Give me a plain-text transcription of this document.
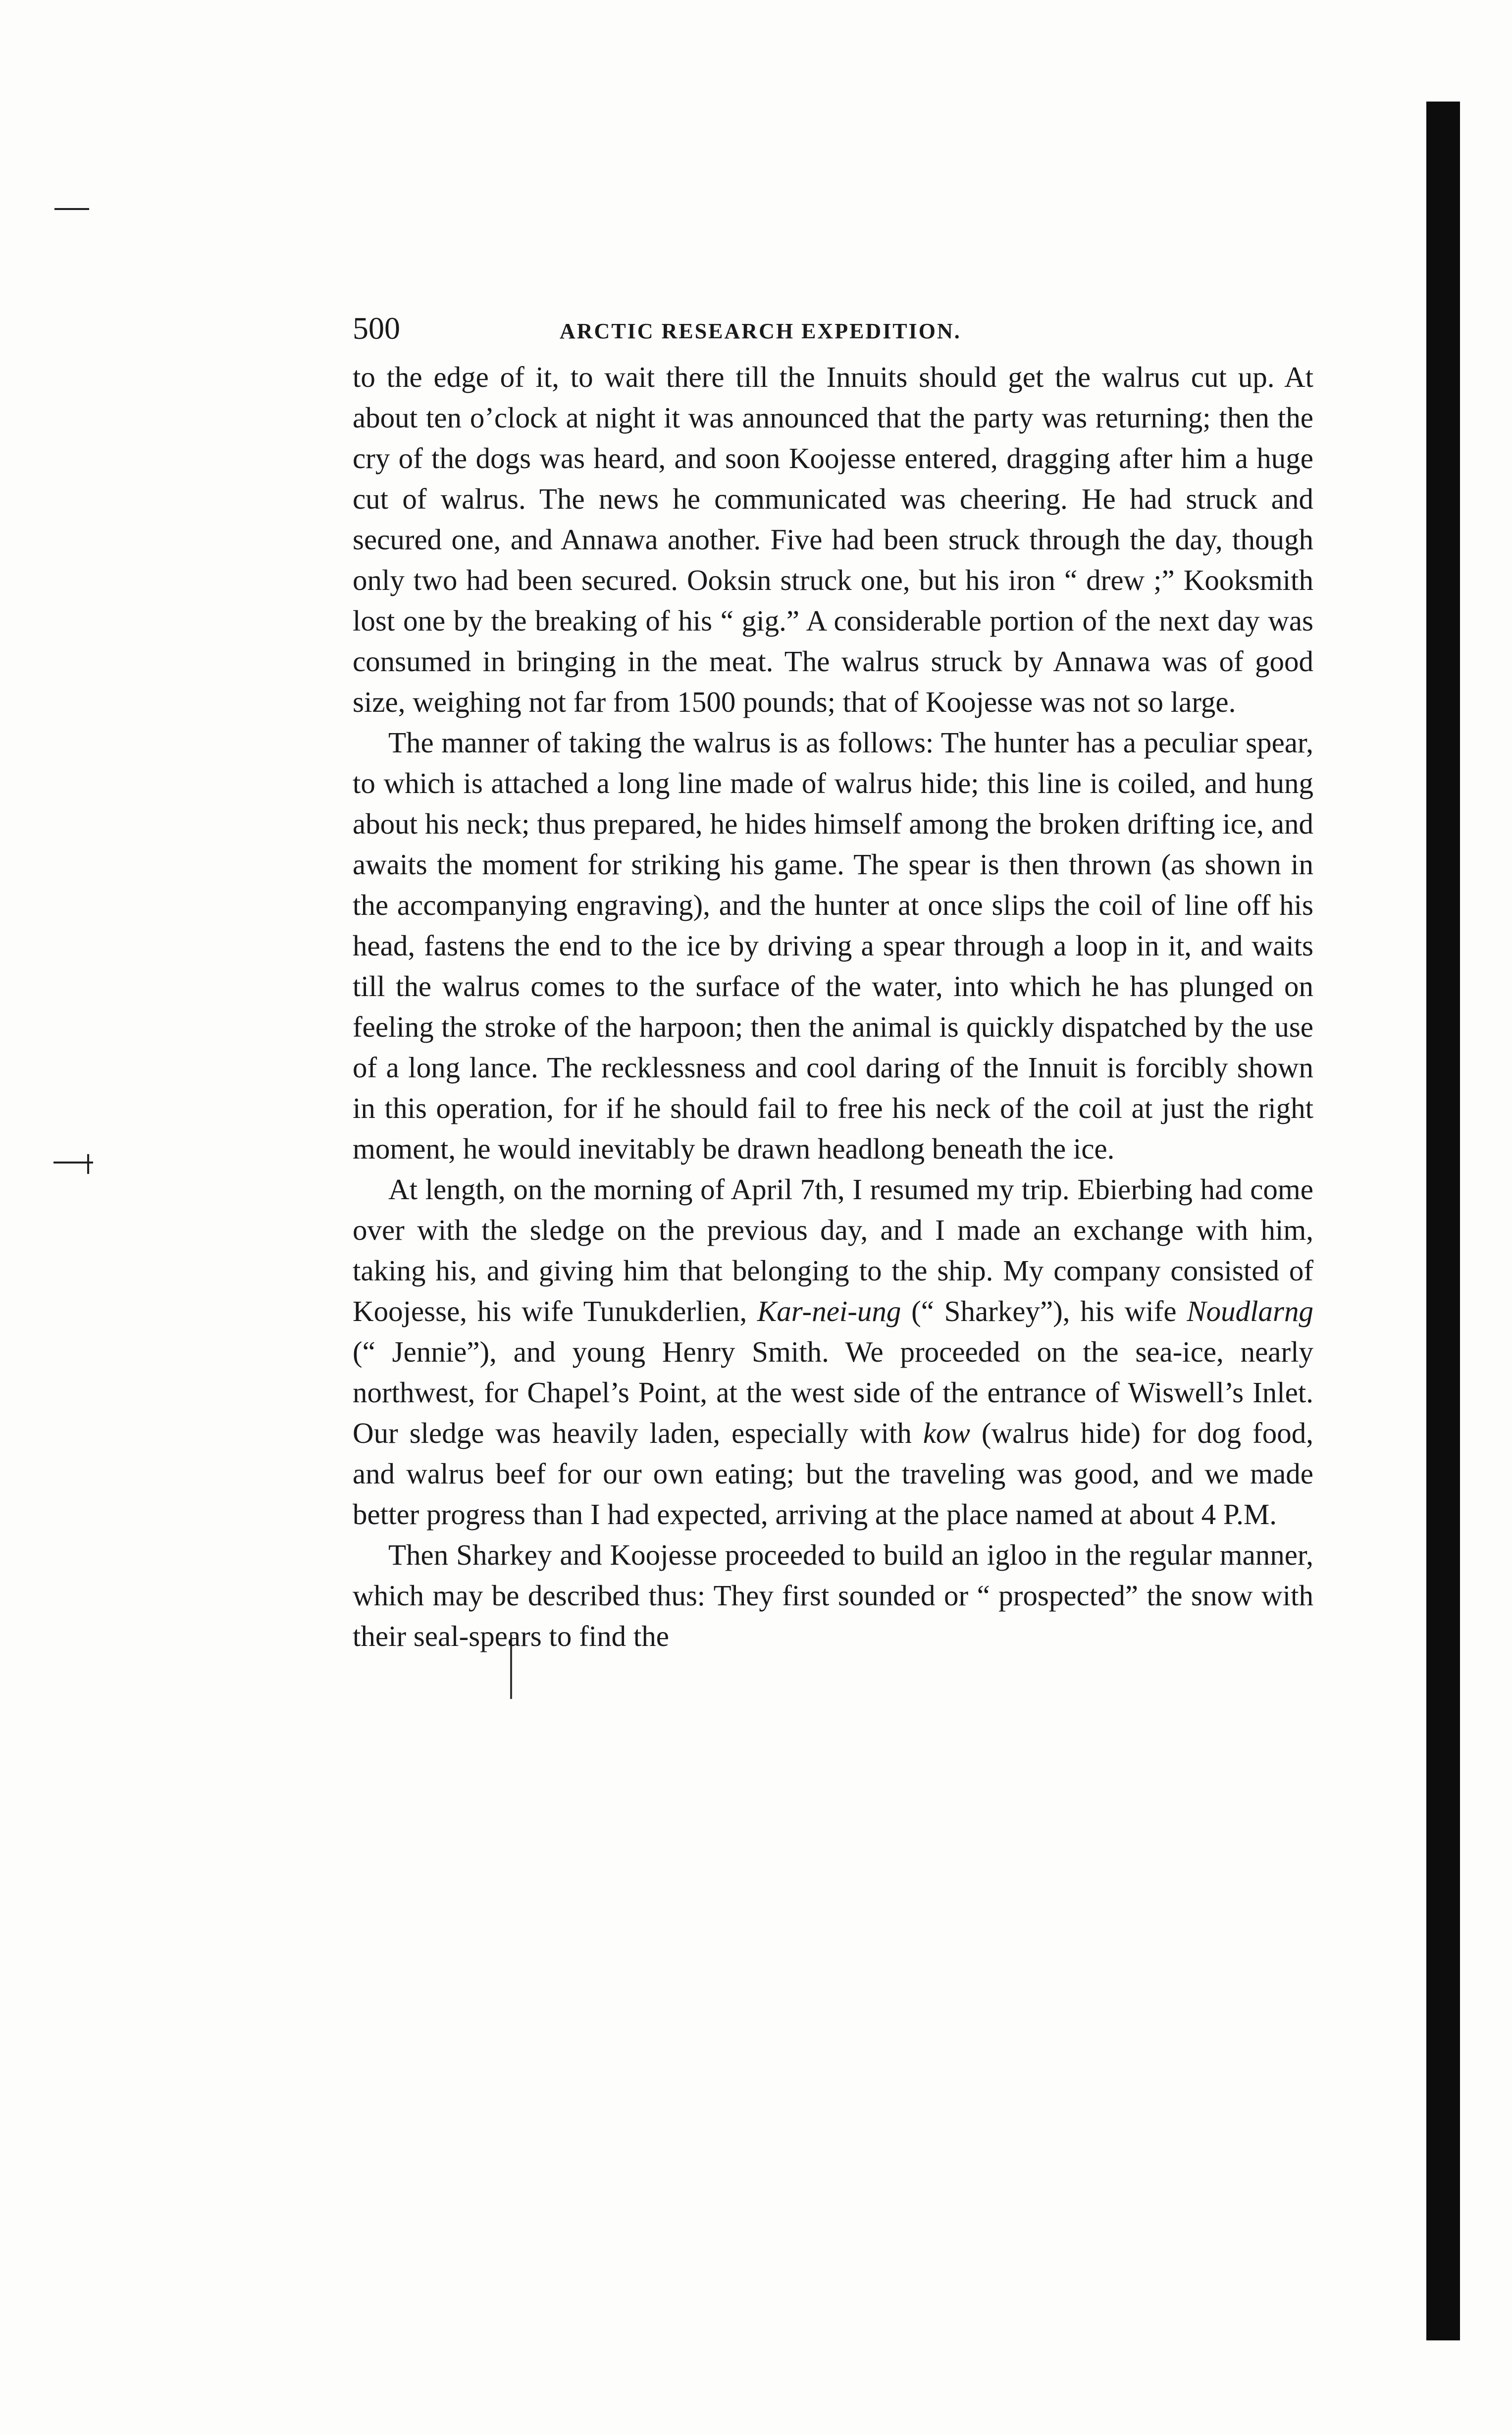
500	ARCTIC RESEARCH EXPEDITION.

to the edge of it, to wait there till the Innuits should get the walrus cut up. At about ten o’clock at night it was announced that the party was returning; then the cry of the dogs was heard, and soon Koojesse entered, dragging after him a huge cut of walrus. The news he communicated was cheering. He had struck and secured one, and Annawa another. Five had been struck through the day, though only two had been secured. Ooksin struck one, but his iron “ drew ;” Kooksmith lost one by the breaking of his “ gig.” A considerable portion of the next day was consumed in bringing in the meat. The walrus struck by Annawa was of good size, weighing not far from 1500 pounds; that of Koojesse was not so large.

The manner of taking the walrus is as follows: The hunter has a peculiar spear, to which is attached a long line made of walrus hide; this line is coiled, and hung about his neck; thus prepared, he hides himself among the broken drifting ice, and awaits the moment for striking his game. The spear is then thrown (as shown in the accompanying engraving), and the hunter at once slips the coil of line off his head, fastens the end to the ice by driving a spear through a loop in it, and waits till the walrus comes to the surface of the water, into which he has plunged on feeling the stroke of the harpoon; then the animal is quickly dispatched by the use of a long lance. The recklessness and cool daring of the Innuit is forcibly shown in this operation, for if he should fail to free his neck of the coil at just the right moment, he would inevitably be drawn headlong beneath the ice.

At length, on the morning of April 7th, I resumed my trip. Ebierbing had come over with the sledge on the previous day, and I made an exchange with him, taking his, and giving him that belonging to the ship. My company consisted of Koojesse, his wife Tunukderlien, Kar-nei-ung (“ Sharkey”), his wife Noudlarng (“ Jennie”), and young Henry Smith. We proceeded on the sea-ice, nearly northwest, for Chapel’s Point, at the west side of the entrance of Wiswell’s Inlet. Our sledge was heavily laden, especially with kow (walrus hide) for dog food, and walrus beef for our own eating; but the traveling was good, and we made better progress than I had expected, arriving at the place named at about 4 P.M.

Then Sharkey and Koojesse proceeded to build an igloo in the regular manner, which may be described thus: They first sounded or “ prospected” the snow with their seal-spears to find the
